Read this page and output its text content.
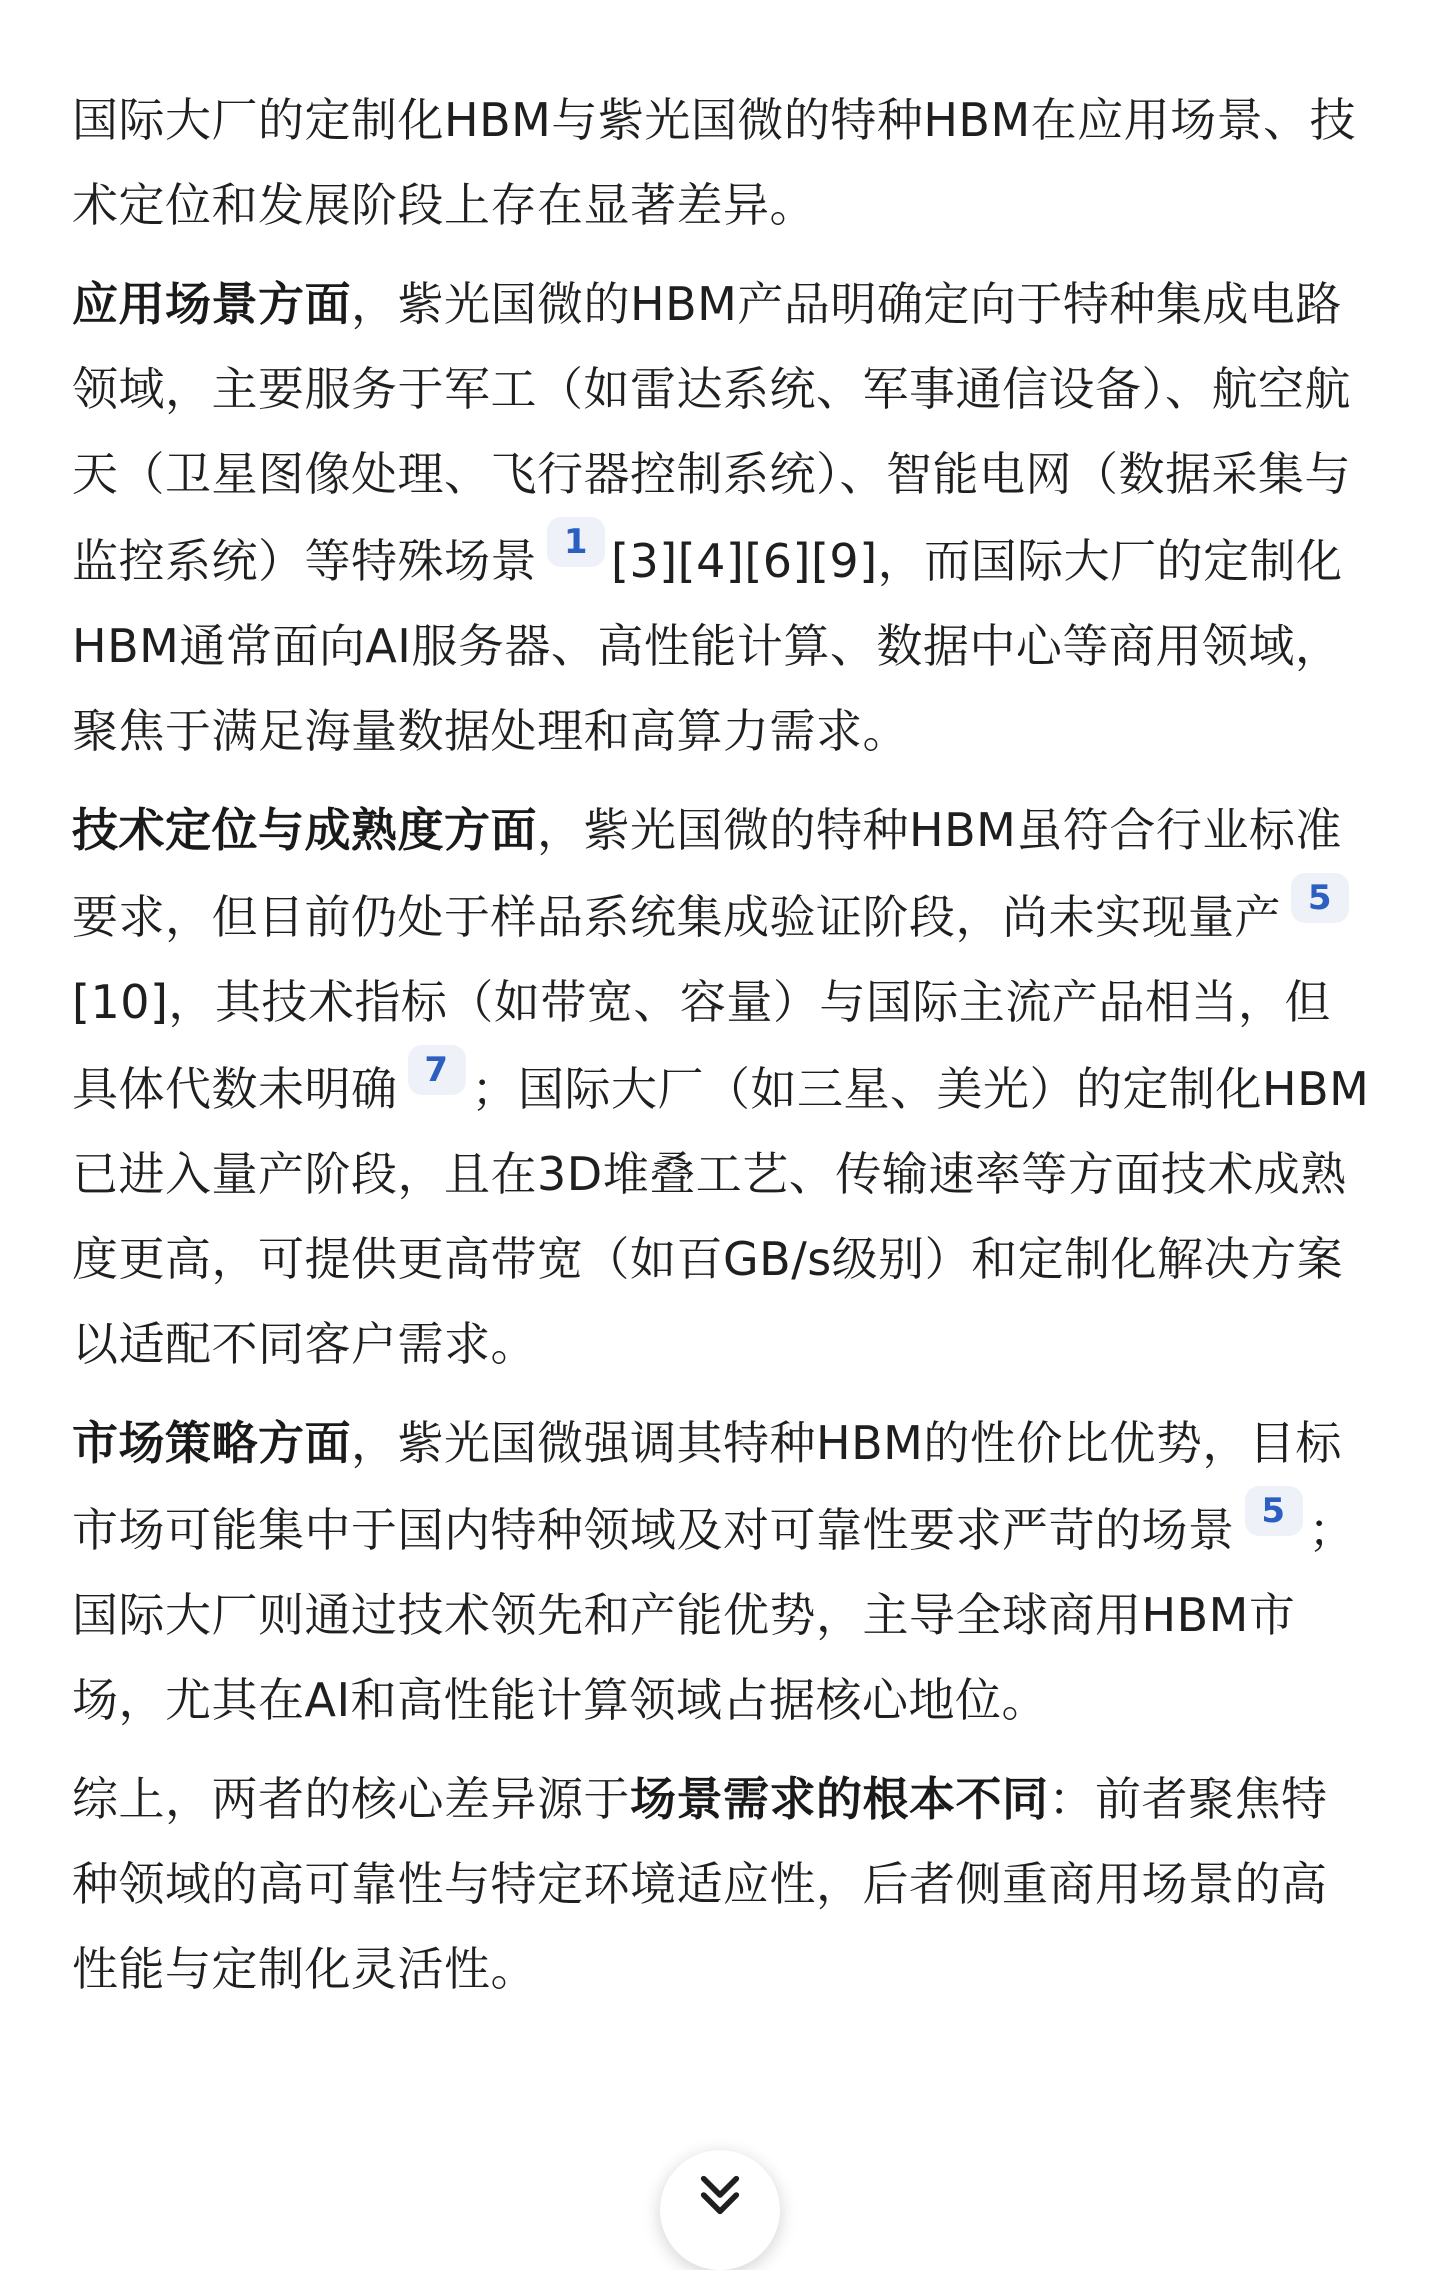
国际大厂的定制化HBM与紫光国微的特种HBM在应用场景、技术定位和发展阶段上存在显著差异。

应用场景方面，紫光国微的HBM产品明确定向于特种集成电路领域，主要服务于军工（如雷达系统、军事通信设备）、航空航天（卫星图像处理、飞行器控制系统）、智能电网（数据采集与监控系统）等特殊场景 1 [3][4][6][9]，而国际大厂的定制化HBM通常面向AI服务器、高性能计算、数据中心等商用领域，聚焦于满足海量数据处理和高算力需求。

技术定位与成熟度方面，紫光国微的特种HBM虽符合行业标准要求，但目前仍处于样品系统集成验证阶段，尚未实现量产 5[10]，其技术指标（如带宽、容量）与国际主流产品相当，但具体代数未明确 7 ；国际大厂（如三星、美光）的定制化HBM已进入量产阶段，且在3D堆叠工艺、传输速率等方面技术成熟度更高，可提供更高带宽（如百GB/s级别）和定制化解决方案以适配不同客户需求。

市场策略方面，紫光国微强调其特种HBM的性价比优势，目标市场可能集中于国内特种领域及对可靠性要求严苛的场景 5 ；国际大厂则通过技术领先和产能优势，主导全球商用HBM市场，尤其在AI和高性能计算领域占据核心地位。

综上，两者的核心差异源于场景需求的根本不同：前者聚焦特种领域的高可靠性与特定环境适应性，后者侧重商用场景的高性能与定制化灵活性。
